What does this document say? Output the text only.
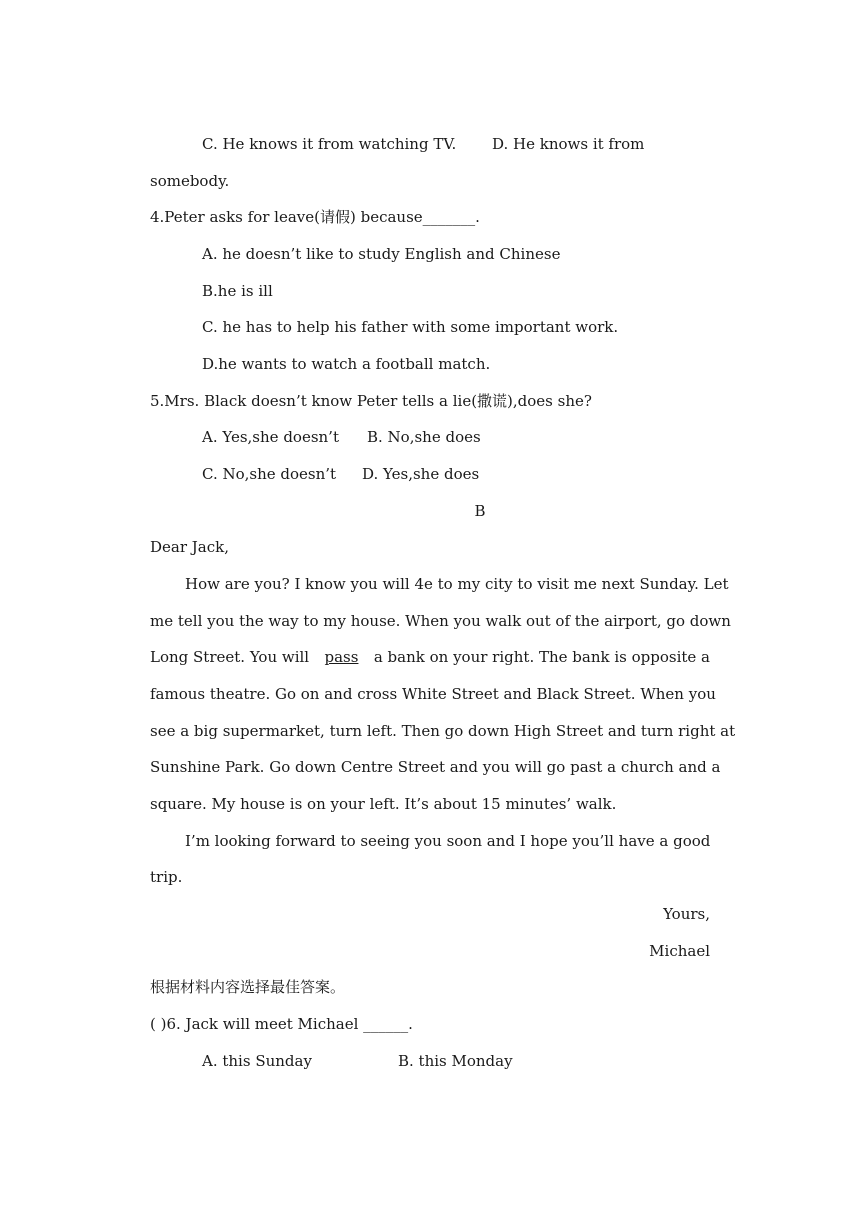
C. He knows it from watching TV. D. He knows it from
somebody.
4.Peter asks for leave(请假) because_______.
A. he doesn’t like to study English and Chinese
B.he is ill
C. he has to help his father with some important work.
D.he wants to watch a football match.
5.Mrs. Black doesn’t know Peter tells a lie(撒谎),does she?
A. Yes,she doesn’t B. No,she does
C. No,she doesn’t D. Yes,she does
B
Dear Jack,
How are you? I know you will 4e to my city to visit me next Sunday. Let
me tell you the way to my house. When you walk out of the airport, go down
Long Street. You will pass a bank on your right. The bank is opposite a
famous theatre. Go on and cross White Street and Black Street. When you
see a big supermarket, turn left. Then go down High Street and turn right at
Sunshine Park. Go down Centre Street and you will go past a church and a
square. My house is on your left. It’s about 15 minutes’ walk.
I’m looking forward to seeing you soon and I hope you’ll have a good
trip.
Yours,
Michael
根据材料内容选择最佳答案。
( )6. Jack will meet Michael ______.
A. this Sunday	B. this Monday
